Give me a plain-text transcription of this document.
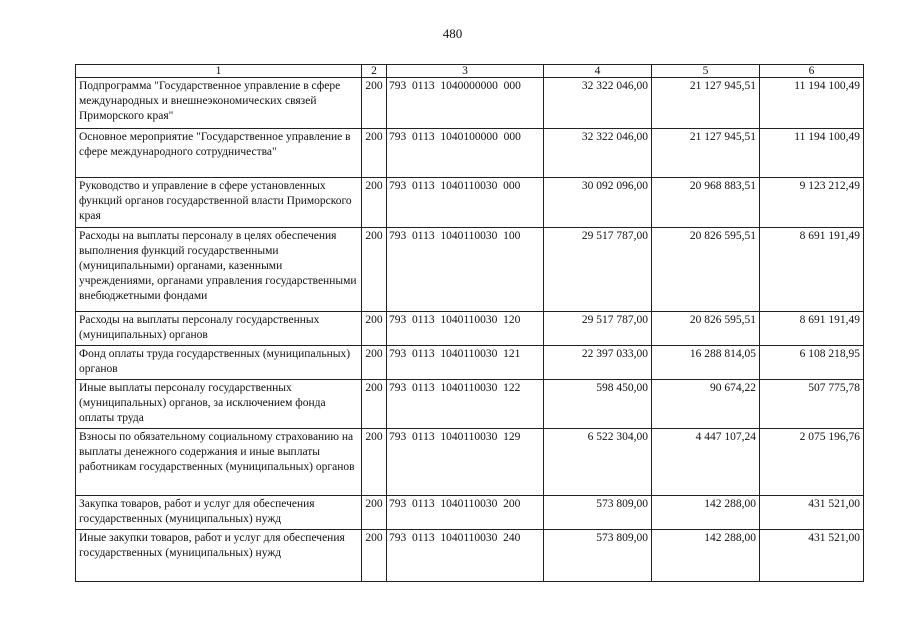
480
1	2	3	4	5	6
Подпрограмма "Государственное управление в сфере международных и внешнеэкономических связей Приморского края"	200	793  0113  1040000000  000	32 322 046,00	21 127 945,51	11 194 100,49
Основное мероприятие "Государственное управление в сфере международного сотрудничества"	200	793  0113  1040100000  000	32 322 046,00	21 127 945,51	11 194 100,49
Руководство и управление в сфере установленных функций органов государственной власти Приморского края	200	793  0113  1040110030  000	30 092 096,00	20 968 883,51	9 123 212,49
Расходы на выплаты персоналу в целях обеспечения выполнения функций государственными (муниципальными) органами, казенными учреждениями, органами управления государственными внебюджетными фондами	200	793  0113  1040110030  100	29 517 787,00	20 826 595,51	8 691 191,49
Расходы на выплаты персоналу государственных (муниципальных) органов	200	793  0113  1040110030  120	29 517 787,00	20 826 595,51	8 691 191,49
Фонд оплаты труда государственных (муниципальных) органов	200	793  0113  1040110030  121	22 397 033,00	16 288 814,05	6 108 218,95
Иные выплаты персоналу государственных (муниципальных) органов, за исключением фонда оплаты труда	200	793  0113  1040110030  122	598 450,00	90 674,22	507 775,78
Взносы по обязательному социальному страхованию на выплаты денежного содержания и иные выплаты работникам государственных (муниципальных) органов	200	793  0113  1040110030  129	6 522 304,00	4 447 107,24	2 075 196,76
Закупка товаров, работ и услуг для обеспечения государственных (муниципальных) нужд	200	793  0113  1040110030  200	573 809,00	142 288,00	431 521,00
Иные закупки товаров, работ и услуг для обеспечения государственных (муниципальных) нужд	200	793  0113  1040110030  240	573 809,00	142 288,00	431 521,00
